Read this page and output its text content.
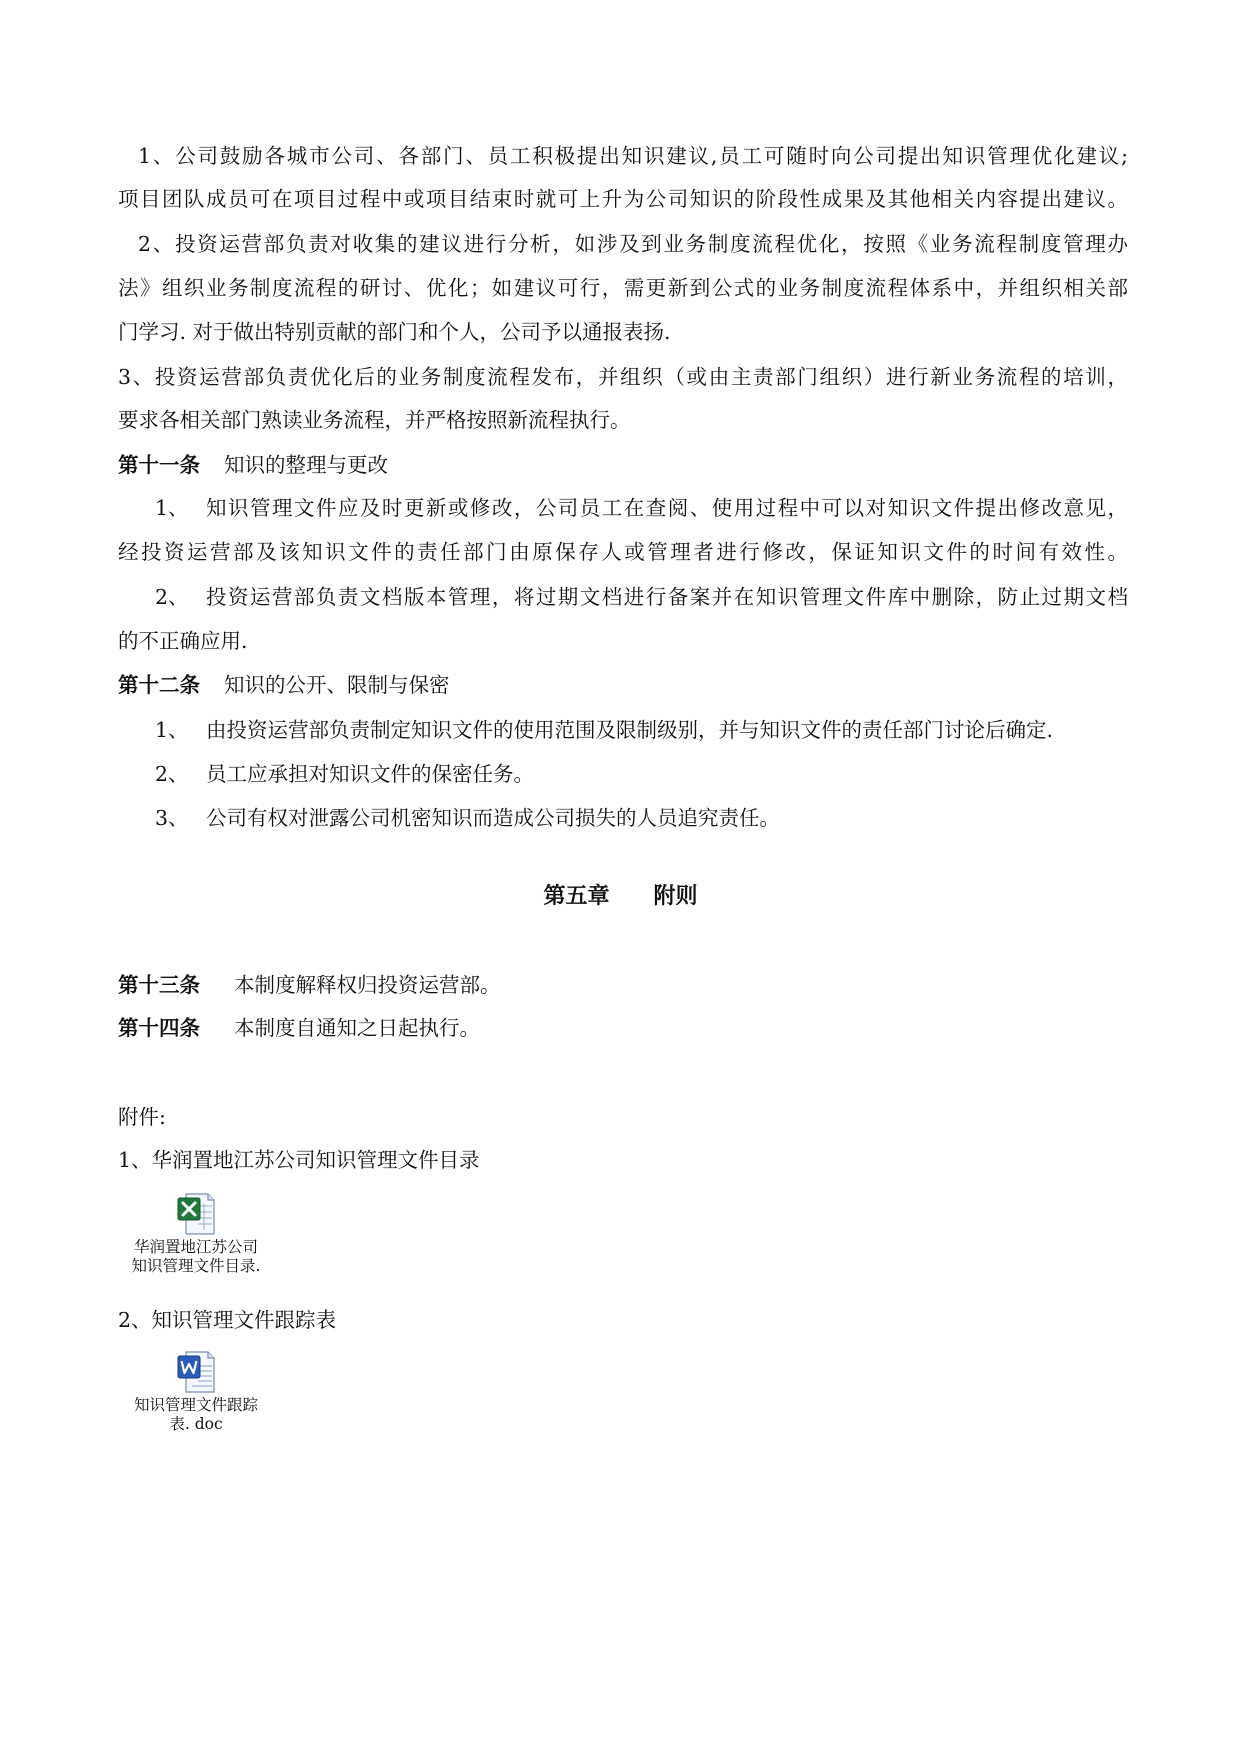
1、公司鼓励各城市公司、各部门、员工积极提出知识建议,员工可随时向公司提出知识管理优化建议;
项目团队成员可在项目过程中或项目结束时就可上升为公司知识的阶段性成果及其他相关内容提出建议。
2、投资运营部负责对收集的建议进行分析，如涉及到业务制度流程优化，按照《业务流程制度管理办
法》组织业务制度流程的研讨、优化；如建议可行，需更新到公式的业务制度流程体系中，并组织相关部
门学习. 对于做出特别贡献的部门和个人，公司予以通报表扬.
3、投资运营部负责优化后的业务制度流程发布，并组织（或由主责部门组织）进行新业务流程的培训，
要求各相关部门熟读业务流程，并严格按照新流程执行。
第十一条 知识的整理与更改
1、 知识管理文件应及时更新或修改，公司员工在查阅、使用过程中可以对知识文件提出修改意见，
经投资运营部及该知识文件的责任部门由原保存人或管理者进行修改，保证知识文件的时间有效性。
2、 投资运营部负责文档版本管理，将过期文档进行备案并在知识管理文件库中删除，防止过期文档
的不正确应用.
第十二条 知识的公开、限制与保密
1、 由投资运营部负责制定知识文件的使用范围及限制级别，并与知识文件的责任部门讨论后确定.
2、 员工应承担对知识文件的保密任务。
3、 公司有权对泄露公司机密知识而造成公司损失的人员追究责任。
第五章 附则
第十三条 本制度解释权归投资运营部。
第十四条 本制度自通知之日起执行。
附件:
1、华润置地江苏公司知识管理文件目录
华润置地江苏公司
知识管理文件目录.
2、知识管理文件跟踪表
知识管理文件跟踪
表. doc
